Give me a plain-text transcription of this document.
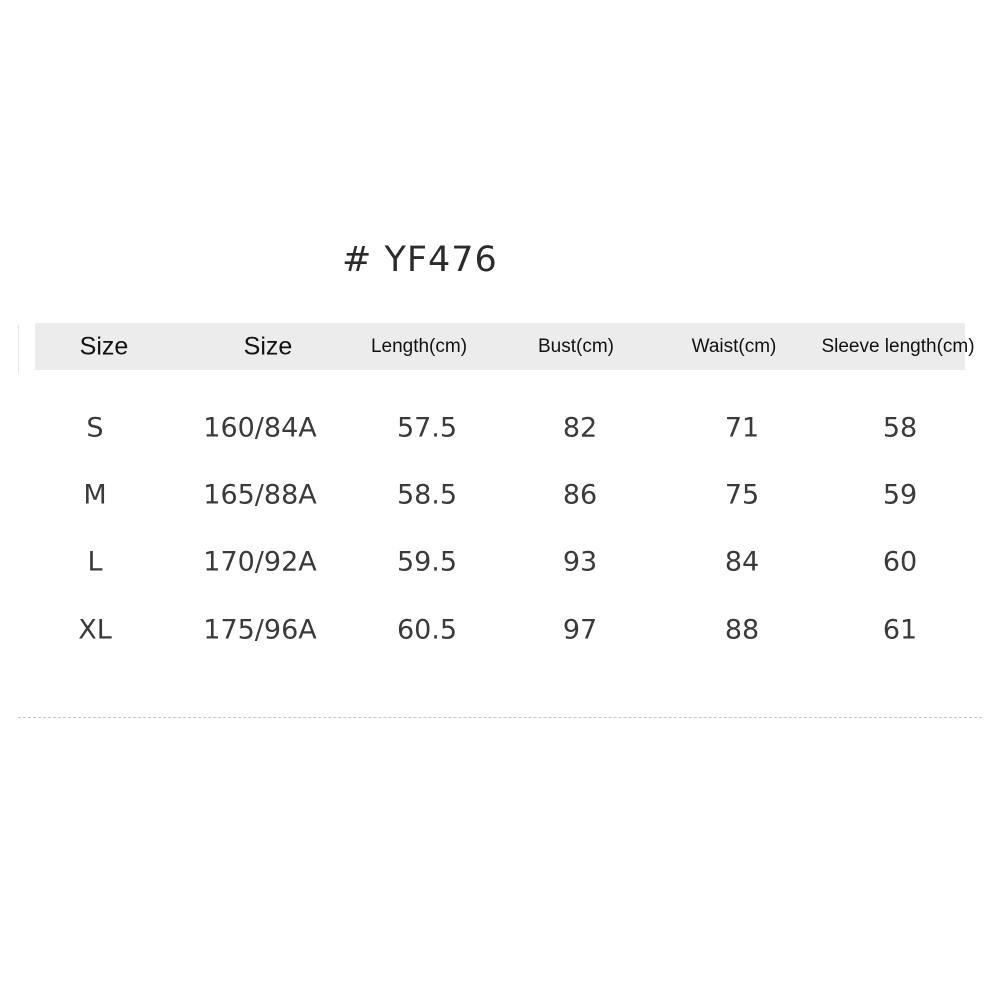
# YF476
Size	Size	Length(cm)	Bust(cm)	Waist(cm) Sleeve length(cm)
S	160/84A	57.5	82	71	58
M	165/88A	58.5	86	75	59
L	170/92A	59.5	93	84	60
XL	175/96A	60.5	97	88	61
